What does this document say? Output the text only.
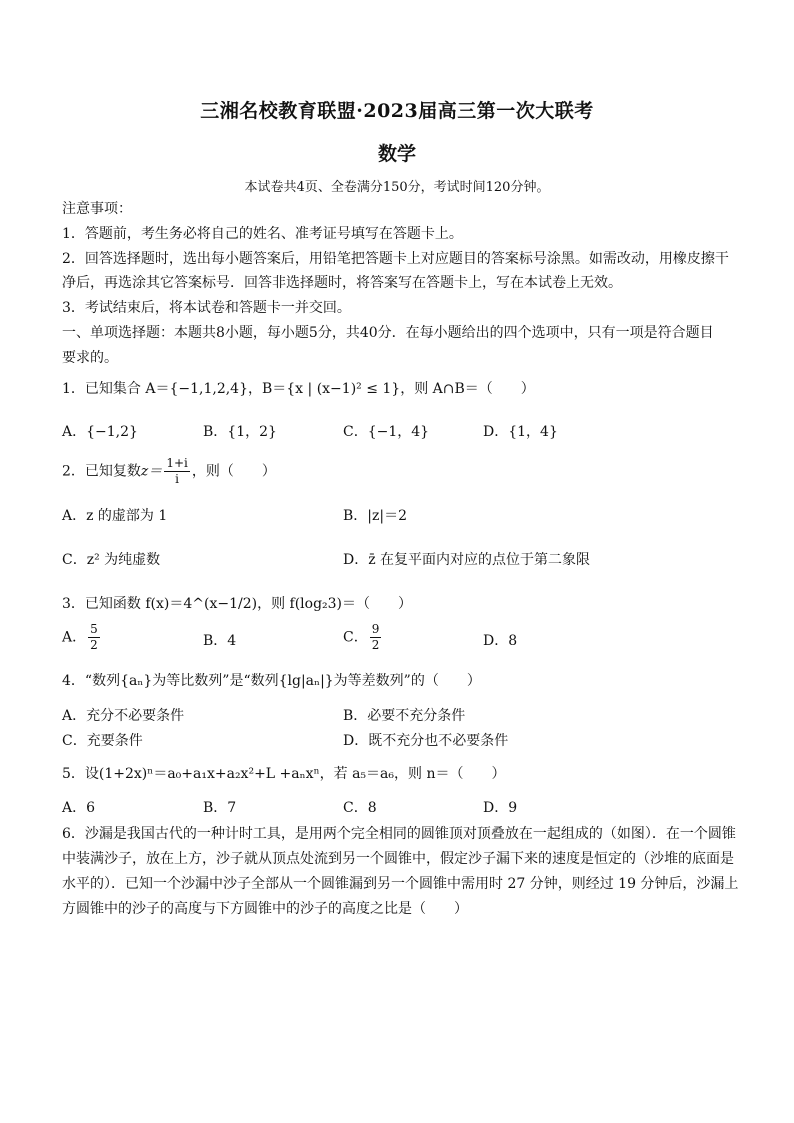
三湘名校教育联盟·2023届高三第一次大联考
数学
本试卷共4页、全卷满分150分，考试时间120分钟。
注意事项：
1．答题前，考生务必将自己的姓名、准考证号填写在答题卡上。
2．回答选择题时，选出每小题答案后，用铅笔把答题卡上对应题目的答案标号涂黑。如需改动，用橡皮擦干
净后，再选涂其它答案标号．回答非选择题时，将答案写在答题卡上，写在本试卷上无效。
3．考试结束后，将本试卷和答题卡一并交回。
一、单项选择题：本题共8小题，每小题5分，共40分．在每小题给出的四个选项中，只有一项是符合题目
要求的。
1．已知集合 A＝{−1,1,2,4}，B＝{x | (x−1)² ≤ 1}，则 A∩B＝（　　）
A．{−1,2}	B．{1，2}	C．{−1，4}	D．{1，4}
2．已知复数$z= \frac{1+i}{i}$ ，则（　　）
A．z 的虚部为 1	B．|z|＝2
C．z² 为纯虚数	D．z̄ 在复平面内对应的点位于第二象限
3．已知函数 f(x)＝4^(x−1/2)，则 f(log₂3)＝（　　）
A． $\frac{5}{2}$	B．4	C． $\frac{9}{2}$	D．8
4．“数列{aₙ}为等比数列”是“数列{lg|aₙ|}为等差数列”的（　　）
A．充分不必要条件	B．必要不充分条件
C．充要条件	D．既不充分也不必要条件
5．设(1+2x)ⁿ＝a₀+a₁x+a₂x²+L +aₙxⁿ，若 a₅＝a₆，则 n＝（　　）
A．6	B．7	C．8	D．9
6．沙漏是我国古代的一种计时工具，是用两个完全相同的圆锥顶对顶叠放在一起组成的（如图）．在一个圆锥
中装满沙子，放在上方，沙子就从顶点处流到另一个圆锥中，假定沙子漏下来的速度是恒定的（沙堆的底面是
水平的）．已知一个沙漏中沙子全部从一个圆锥漏到另一个圆锥中需用时 27 分钟，则经过 19 分钟后，沙漏上
方圆锥中的沙子的高度与下方圆锥中的沙子的高度之比是（　　）
